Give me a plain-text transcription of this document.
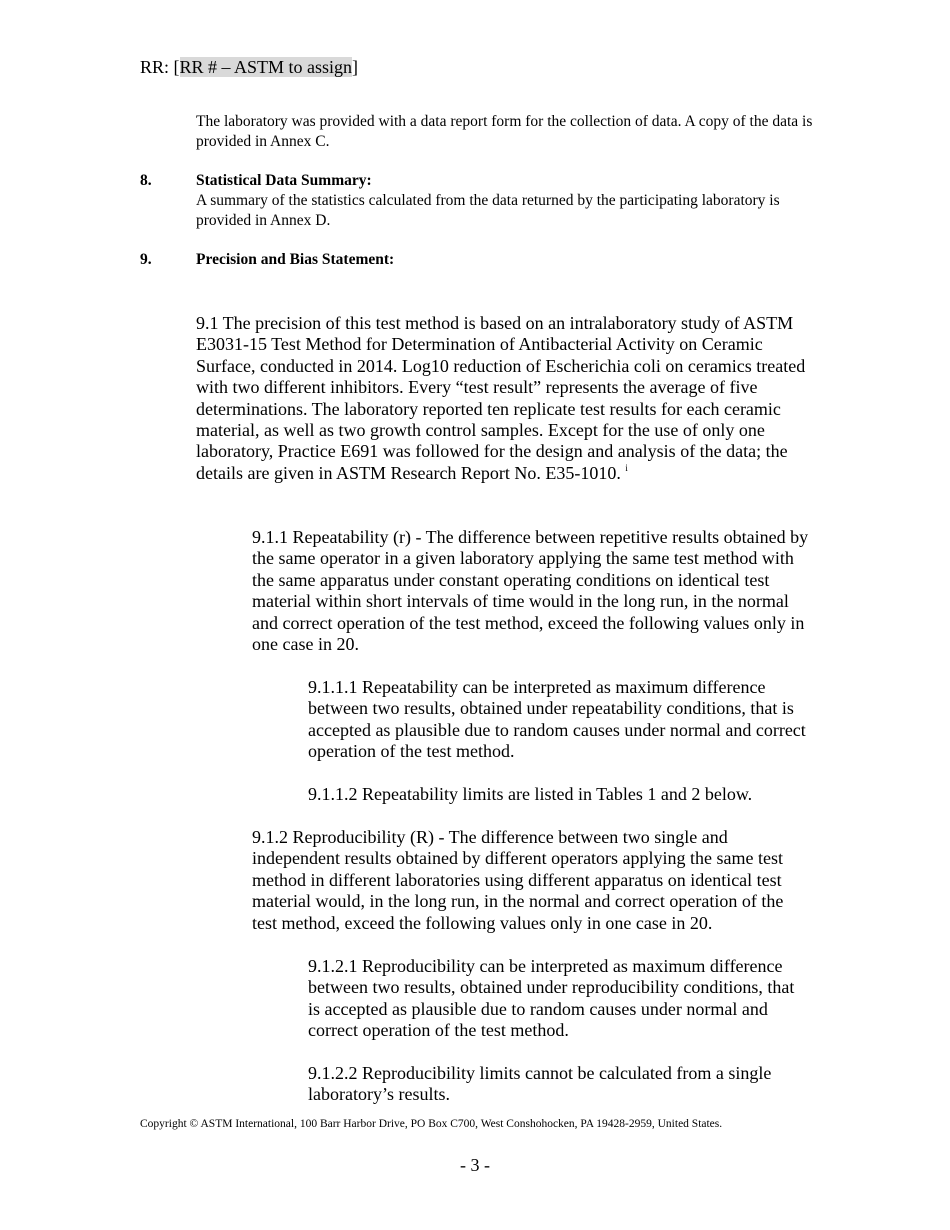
RR: [RR # – ASTM to assign]
The laboratory was provided with a data report form for the collection of data. A copy of the data is provided in Annex C.
8.	Statistical Data Summary:
A summary of the statistics calculated from the data returned by the participating laboratory is provided in Annex D.
9.	Precision and Bias Statement:
9.1 The precision of this test method is based on an intralaboratory study of ASTM E3031-15 Test Method for Determination of Antibacterial Activity on Ceramic Surface, conducted in 2014. Log10 reduction of Escherichia coli on ceramics treated with two different inhibitors. Every “test result” represents the average of five determinations. The laboratory reported ten replicate test results for each ceramic material, as well as two growth control samples. Except for the use of only one laboratory, Practice E691 was followed for the design and analysis of the data; the details are given in ASTM Research Report No. E35-1010. $^i$
9.1.1 Repeatability (r) - The difference between repetitive results obtained by the same operator in a given laboratory applying the same test method with the same apparatus under constant operating conditions on identical test material within short intervals of time would in the long run, in the normal and correct operation of the test method, exceed the following values only in one case in 20.
9.1.1.1 Repeatability can be interpreted as maximum difference between two results, obtained under repeatability conditions, that is accepted as plausible due to random causes under normal and correct operation of the test method.
9.1.1.2 Repeatability limits are listed in Tables 1 and 2 below.
9.1.2 Reproducibility (R) - The difference between two single and independent results obtained by different operators applying the same test method in different laboratories using different apparatus on identical test material would, in the long run, in the normal and correct operation of the test method, exceed the following values only in one case in 20.
9.1.2.1 Reproducibility can be interpreted as maximum difference between two results, obtained under reproducibility conditions, that is accepted as plausible due to random causes under normal and correct operation of the test method.
9.1.2.2 Reproducibility limits cannot be calculated from a single laboratory’s results.
Copyright © ASTM International, 100 Barr Harbor Drive, PO Box C700, West Conshohocken, PA 19428-2959, United States.
- 3 -
